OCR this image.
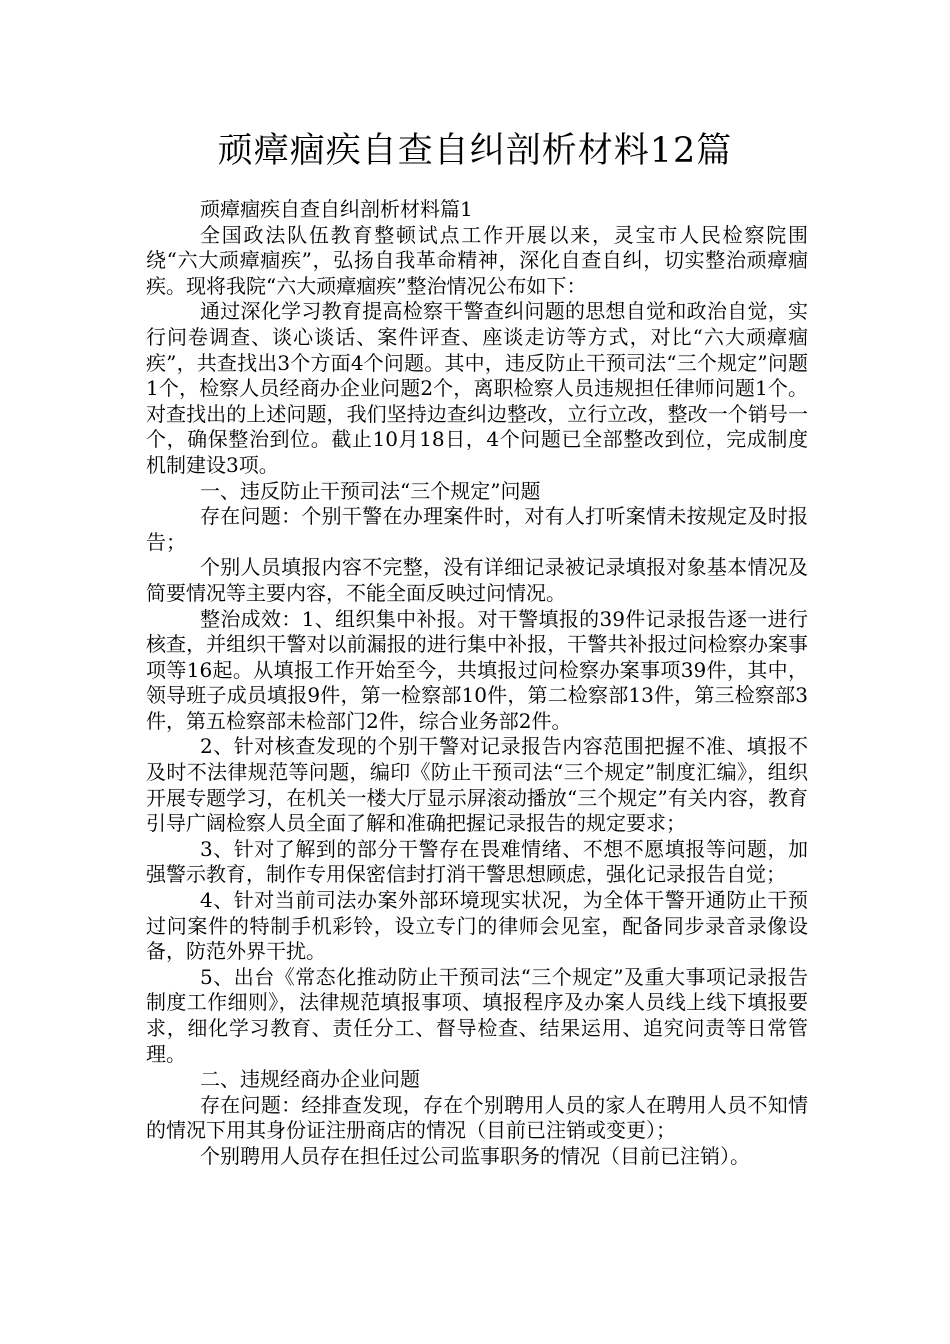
顽瘴痼疾自查自纠剖析材料12篇

顽瘴痼疾自查自纠剖析材料篇1

全国政法队伍教育整顿试点工作开展以来，灵宝市人民检察院围绕“六大顽瘴痼疾”，弘扬自我革命精神，深化自查自纠，切实整治顽瘴痼疾。现将我院“六大顽瘴痼疾”整治情况公布如下：

通过深化学习教育提高检察干警查纠问题的思想自觉和政治自觉，实行问卷调查、谈心谈话、案件评查、座谈走访等方式，对比“六大顽瘴痼疾”，共查找出3个方面4个问题。其中，违反防止干预司法“三个规定”问题1个，检察人员经商办企业问题2个，离职检察人员违规担任律师问题1个。对查找出的上述问题，我们坚持边查纠边整改，立行立改，整改一个销号一个，确保整治到位。截止10月18日，4个问题已全部整改到位，完成制度机制建设3项。

一、违反防止干预司法“三个规定”问题

存在问题：个别干警在办理案件时，对有人打听案情未按规定及时报告；

个别人员填报内容不完整，没有详细记录被记录填报对象基本情况及简要情况等主要内容，不能全面反映过问情况。

整治成效：1、组织集中补报。对干警填报的39件记录报告逐一进行核查，并组织干警对以前漏报的进行集中补报，干警共补报过问检察办案事项等16起。从填报工作开始至今，共填报过问检察办案事项39件，其中，领导班子成员填报9件，第一检察部10件，第二检察部13件，第三检察部3件，第五检察部未检部门2件，综合业务部2件。

2、针对核查发现的个别干警对记录报告内容范围把握不准、填报不及时不法律规范等问题，编印《防止干预司法“三个规定”制度汇编》，组织开展专题学习，在机关一楼大厅显示屏滚动播放“三个规定”有关内容，教育引导广阔检察人员全面了解和准确把握记录报告的规定要求；

3、针对了解到的部分干警存在畏难情绪、不想不愿填报等问题，加强警示教育，制作专用保密信封打消干警思想顾虑，强化记录报告自觉；

4、针对当前司法办案外部环境现实状况，为全体干警开通防止干预过问案件的特制手机彩铃，设立专门的律师会见室，配备同步录音录像设备，防范外界干扰。

5、出台《常态化推动防止干预司法“三个规定”及重大事项记录报告制度工作细则》，法律规范填报事项、填报程序及办案人员线上线下填报要求，细化学习教育、责任分工、督导检查、结果运用、追究问责等日常管理。

二、违规经商办企业问题

存在问题：经排查发现，存在个别聘用人员的家人在聘用人员不知情的情况下用其身份证注册商店的情况（目前已注销或变更）；

个别聘用人员存在担任过公司监事职务的情况（目前已注销）。
